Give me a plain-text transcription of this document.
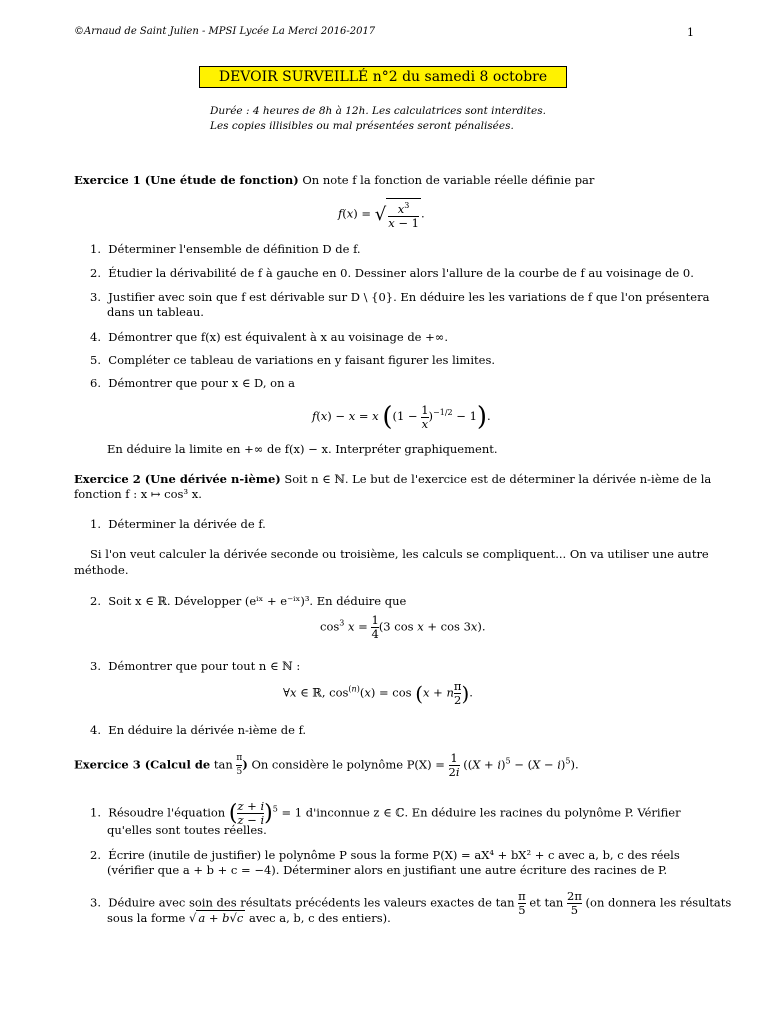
©Arnaud de Saint Julien - MPSI Lycée La Merci 2016-2017	1
DEVOIR SURVEILLÉ n°2 du samedi 8 octobre
Durée : 4 heures de 8h à 12h. Les calculatrices sont interdites.
Les copies illisibles ou mal présentées seront pénalisées.
Exercice 1 (Une étude de fonction) On note f la fonction de variable réelle définie par
f(x) = √ $\frac{x^3}{x - 1}$ .
1.  Déterminer l'ensemble de définition D de f.
2.  Étudier la dérivabilité de f à gauche en 0. Dessiner alors l'allure de la courbe de f au voisinage de 0.
3.  Justifier avec soin que f est dérivable sur D \ {0}. En déduire les les variations de f que l'on présentera
dans un tableau.
4.  Démontrer que f(x) est équivalent à x au voisinage de +∞.
5.  Compléter ce tableau de variations en y faisant figurer les limites.
6.  Démontrer que pour x ∈ D, on a
f(x) − x = x $((1 - \frac{1}{x} )^{-1/2} - 1)$.
En déduire la limite en +∞ de f(x) − x. Interpréter graphiquement.
Exercice 2 (Une dérivée n-ième) Soit n ∈ ℕ. Le but de l'exercice est de déterminer la dérivée n-ième de la
fonction f : x ↦ cos³ x.
1.  Déterminer la dérivée de f.
Si l'on veut calculer la dérivée seconde ou troisième, les calculs se compliquent... On va utiliser une autre
méthode.
2.  Soit x ∈ ℝ. Développer (eⁱˣ + e⁻ⁱˣ)³. En déduire que
$\cos^3 x = \frac{1}{4} (3$ cos x + cos 3x).
3.  Démontrer que pour tout n ∈ ℕ :
∀x ∈ ℝ, $\cos^{(n)}(x) = \cos (x + n \frac{\pi}{2}$ ).
4.  En déduire la dérivée n-ième de f.
Exercice 3 (Calcul de $\tan \frac{\pi}{5}$ ) On considère le polynôme $P(X) = \frac{1}{2i} ((X + i)^5 - (X - i)^5)$.
1.  Résoudre l'équation ( $\frac{z + i}{z - i} )^5 = 1$ d'inconnue z ∈ ℂ. En déduire les racines du polynôme P. Vérifier
qu'elles sont toutes réelles.
2.  Écrire (inutile de justifier) le polynôme P sous la forme P(X) = aX⁴ + bX² + c avec a, b, c des réels
(vérifier que a + b + c = −4). Déterminer alors en justifiant une autre écriture des racines de P.
3.  Déduire avec soin des résultats précédents les valeurs exactes de $\tan \frac{\pi}{5}$ et $\tan \frac{2\pi}{5} (on$ donnera les résultats
sous la forme √ a + b√c avec a, b, c des entiers).
